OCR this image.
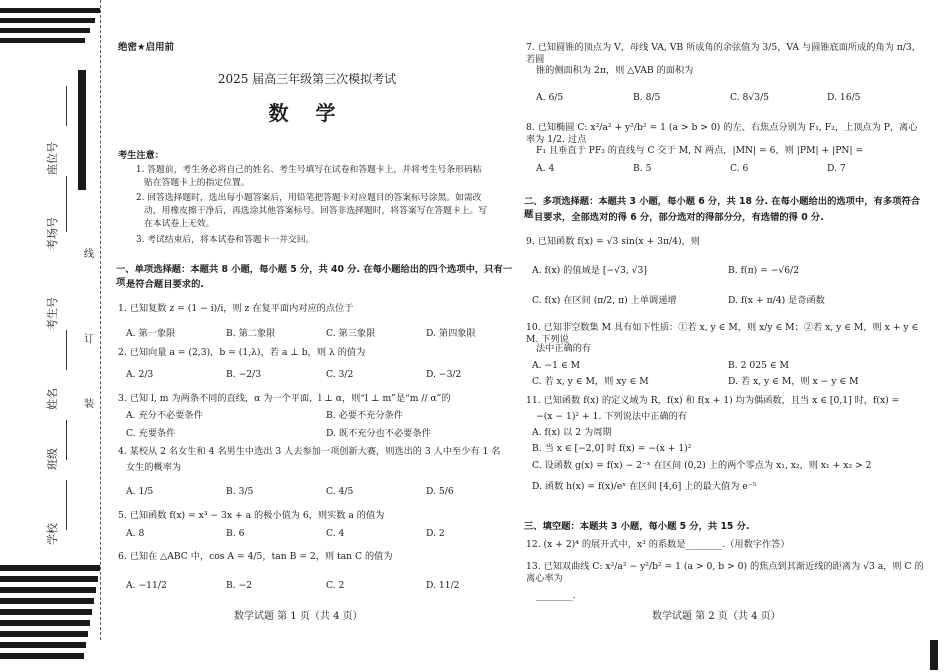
座位号
考场号
考生号
姓名
班级
学校
线
订
装
绝密★启用前
2025 届高三年级第三次模拟考试
数 学
考生注意：
1. 答题前，考生务必将自己的姓名、考生号填写在试卷和答题卡上，并将考生号条形码粘
贴在答题卡上的指定位置。
2. 回答选择题时，选出每小题答案后，用铅笔把答题卡对应题目的答案标号涂黑。如需改
动，用橡皮擦干净后，再选涂其他答案标号。回答非选择题时，将答案写在答题卡上。写
在本试卷上无效。
3. 考试结束后，将本试卷和答题卡一并交回。
一、单项选择题：本题共 8 小题，每小题 5 分，共 40 分. 在每小题给出的四个选项中，只有一项 是符合题目要求的.
1. 已知复数 z = (1 − i)/i，则 z 在复平面内对应的点位于
A. 第一象限	B. 第二象限	C. 第三象限	D. 第四象限
2. 已知向量 a = (2,3)，b = (1,λ)，若 a ⊥ b，则 λ 的值为
A. 2/3	B. −2/3	C. 3/2	D. −3/2
3. 已知 l, m 为两条不同的直线，α 为一个平面，l ⊥ α，则“l ⊥ m”是“m // α”的
A. 充分不必要条件	B. 必要不充分条件
C. 充要条件	D. 既不充分也不必要条件
4. 某校从 2 名女生和 4 名男生中选出 3 人去参加一项创新大赛，则选出的 3 人中至少有 1 名
女生的概率为
A. 1/5	B. 3/5	C. 4/5	D. 5/6
5. 已知函数 f(x) = x³ − 3x + a 的极小值为 6，则实数 a 的值为
A. 8	B. 6	C. 4	D. 2
6. 已知在 △ABC 中，cos A = 4/5，tan B = 2，则 tan C 的值为
A. −11/2	B. −2	C. 2	D. 11/2
数学试题 第 1 页（共 4 页）
7. 已知圆锥的顶点为 V，母线 VA, VB 所成角的余弦值为 3/5，VA 与圆锥底面所成的角为 π/3，若圆
锥的侧面积为 2π，则 △VAB 的面积为
A. 6/5	B. 8/5	C. 8√3/5	D. 16/5
8. 已知椭圆 C: x²/a² + y²/b² = 1 (a > b > 0) 的左、右焦点分别为 F₁, F₂，上顶点为 P，离心率为 1/2. 过点
F₁ 且垂直于 PF₂ 的直线与 C 交于 M, N 两点，|MN| = 6，则 |PM| + |PN| =
A. 4	B. 5	C. 6	D. 7
二、多项选择题：本题共 3 小题，每小题 6 分，共 18 分. 在每小题给出的选项中，有多项符合题 目要求，全部选对的得 6 分，部分选对的得部分分，有选错的得 0 分.
9. 已知函数 f(x) = √3 sin(x + 3π/4)，则
A. f(x) 的值域是 [−√3, √3]	B. f(π) = −√6/2
C. f(x) 在区间 (π/2, π) 上单调递增	D. f(x + π/4) 是奇函数
10. 已知非空数集 M 具有如下性质：①若 x, y ∈ M，则 x/y ∈ M；②若 x, y ∈ M，则 x + y ∈ M. 下列说
法中正确的有
A. −1 ∈ M	B. 2 025 ∈ M
C. 若 x, y ∈ M，则 xy ∈ M	D. 若 x, y ∈ M，则 x − y ∈ M
11. 已知函数 f(x) 的定义域为 R，f(x) 和 f(x + 1) 均为偶函数，且当 x ∈ [0,1] 时，f(x) =
−(x − 1)² + 1. 下列说法中正确的有
A. f(x) 以 2 为周期
B. 当 x ∈ [−2,0] 时 f(x) = −(x + 1)²
C. 设函数 g(x) = f(x) − 2⁻ˣ 在区间 (0,2) 上的两个零点为 x₁, x₂，则 x₁ + x₂ > 2
D. 函数 h(x) = f(x)/eˣ 在区间 [4,6] 上的最大值为 e⁻⁵
三、填空题：本题共 3 小题，每小题 5 分，共 15 分.
12. (x + 2)⁴ 的展开式中，x³ 的系数是________.（用数字作答）
13. 已知双曲线 C: x²/a² − y²/b² = 1 (a > 0, b > 0) 的焦点到其渐近线的距离为 √3 a，则 C 的离心率为
________.
数学试题 第 2 页（共 4 页）
